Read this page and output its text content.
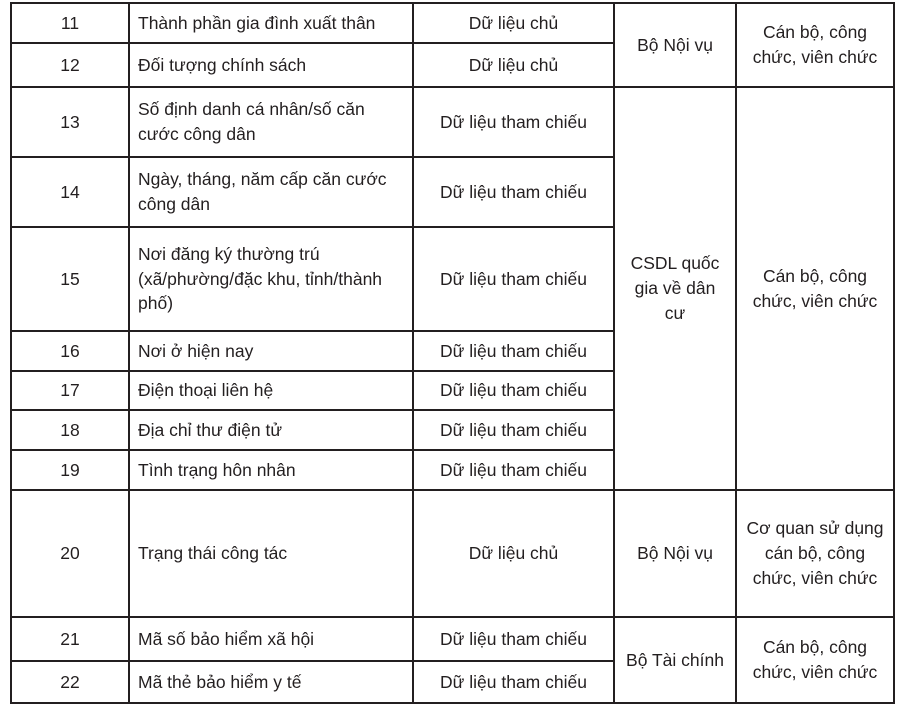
11	Thành phần gia đình xuất thân	Dữ liệu chủ	Bộ Nội vụ	Cán bộ, công chức, viên chức
12	Đối tượng chính sách	Dữ liệu chủ		
13	Số định danh cá nhân/số căn cước công dân	Dữ liệu tham chiếu	CSDL quốc gia về dân cư	Cán bộ, công chức, viên chức
14	Ngày, tháng, năm cấp căn cước công dân	Dữ liệu tham chiếu		
15	Nơi đăng ký thường trú (xã/phường/đặc khu, tỉnh/thành phố)	Dữ liệu tham chiếu		
16	Nơi ở hiện nay	Dữ liệu tham chiếu		
17	Điện thoại liên hệ	Dữ liệu tham chiếu		
18	Địa chỉ thư điện tử	Dữ liệu tham chiếu		
19	Tình trạng hôn nhân	Dữ liệu tham chiếu		
20	Trạng thái công tác	Dữ liệu chủ	Bộ Nội vụ	Cơ quan sử dụng cán bộ, công chức, viên chức
21	Mã số bảo hiểm xã hội	Dữ liệu tham chiếu	Bộ Tài chính	Cán bộ, công chức, viên chức
22	Mã thẻ bảo hiểm y tế	Dữ liệu tham chiếu		
